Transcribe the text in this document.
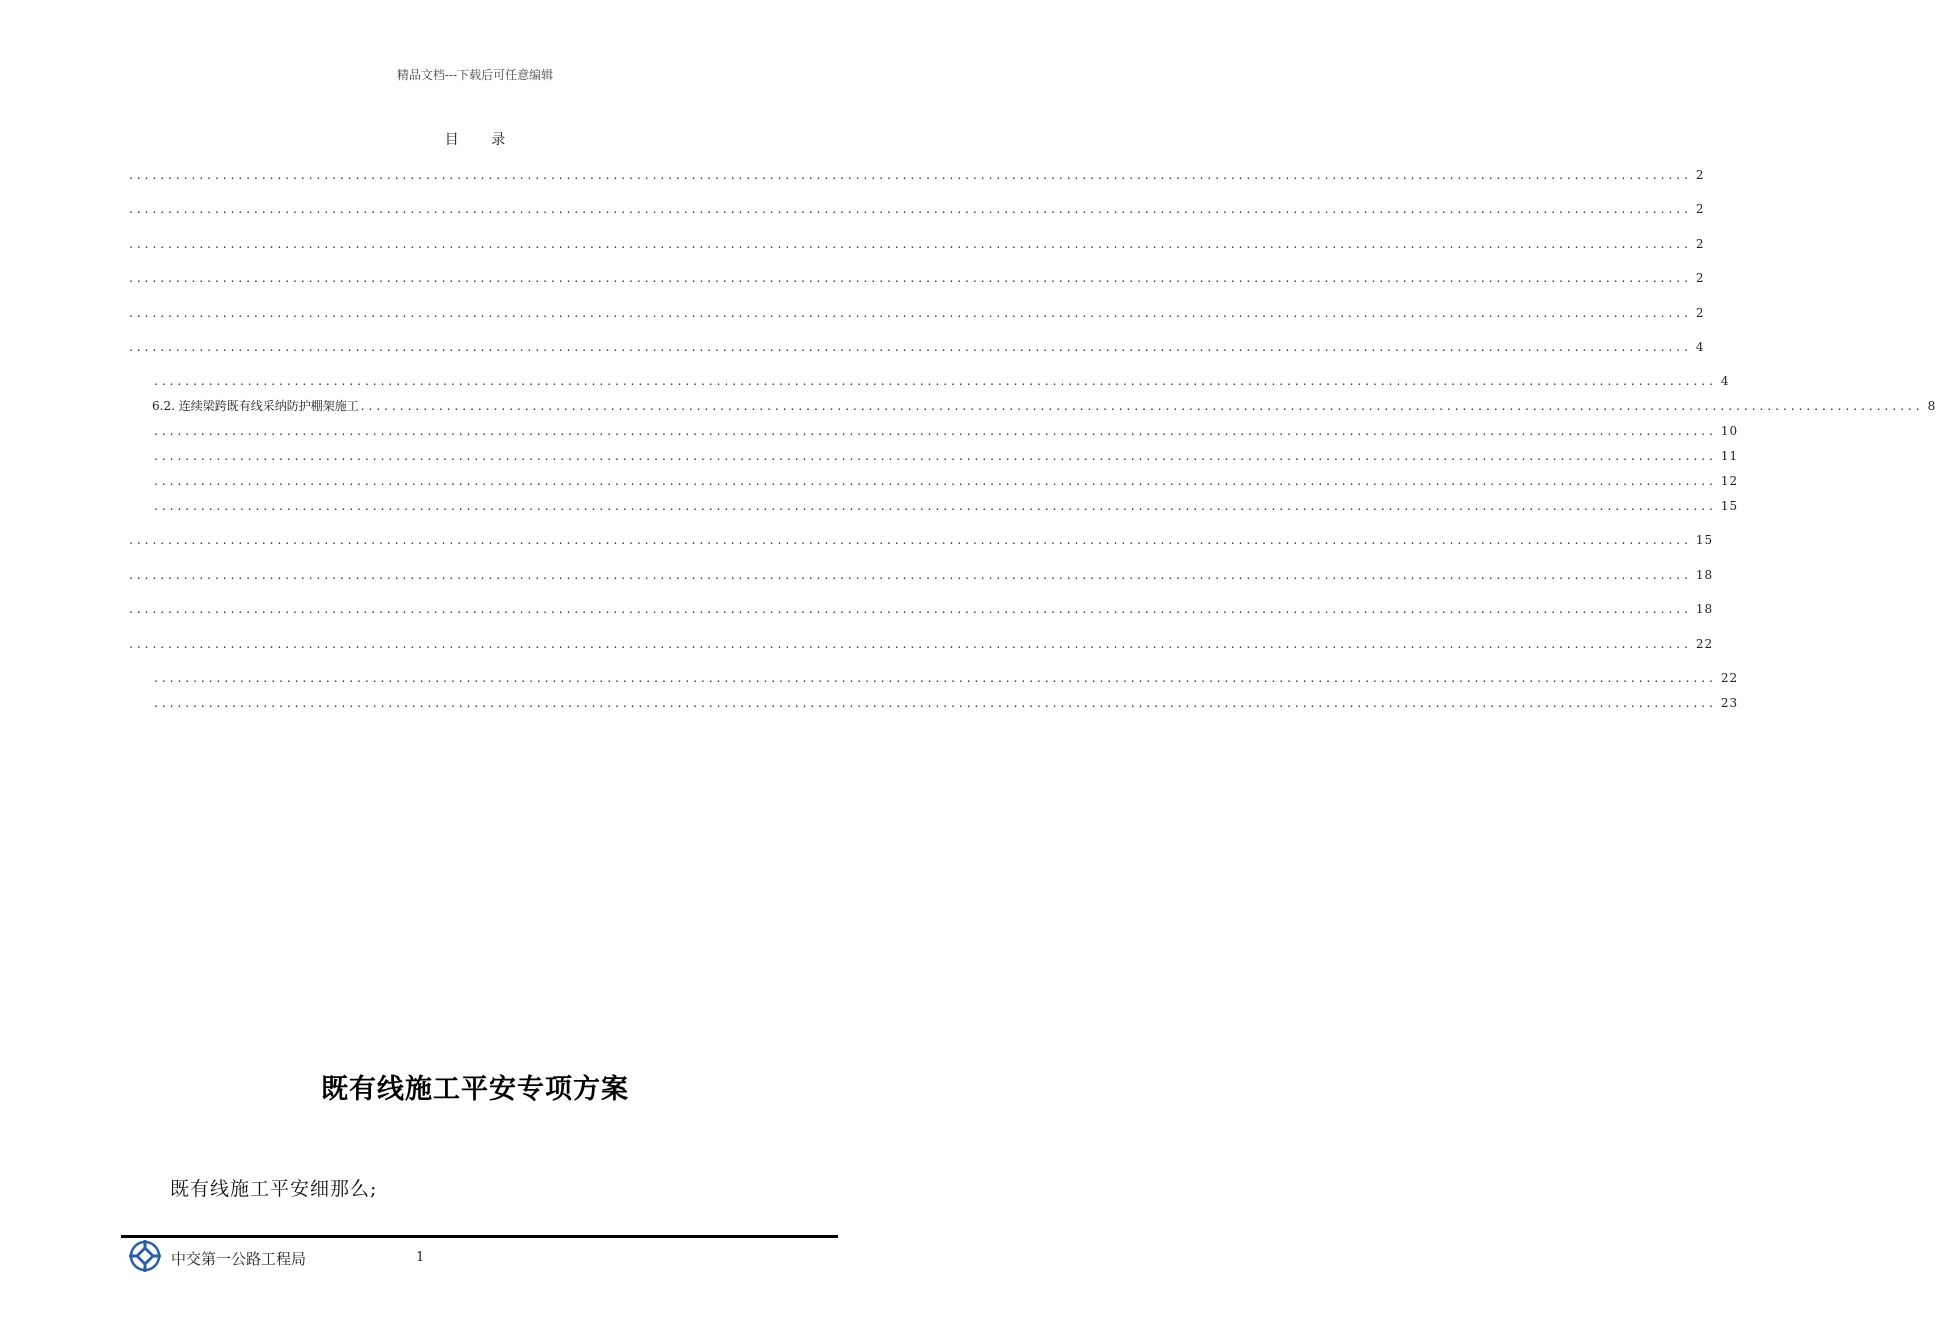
精品文档---下载后可任意编辑
目 录
........................................................................................................................................................................................................ 2
........................................................................................................................................................................................................ 2
........................................................................................................................................................................................................ 2
........................................................................................................................................................................................................ 2
........................................................................................................................................................................................................ 2
........................................................................................................................................................................................................ 4
........................................................................................................................................................................................................ 4
6.2. 连续梁跨既有线采纳防护棚架施工 ........................................................................................................................................................................................................ 8
........................................................................................................................................................................................................ 10
........................................................................................................................................................................................................ 11
........................................................................................................................................................................................................ 12
........................................................................................................................................................................................................ 15
........................................................................................................................................................................................................ 15
........................................................................................................................................................................................................ 18
........................................................................................................................................................................................................ 18
........................................................................................................................................................................................................ 22
........................................................................................................................................................................................................ 22
........................................................................................................................................................................................................ 23
既有线施工平安专项方案
既有线施工平安细那么;
中交第一公路工程局	1
